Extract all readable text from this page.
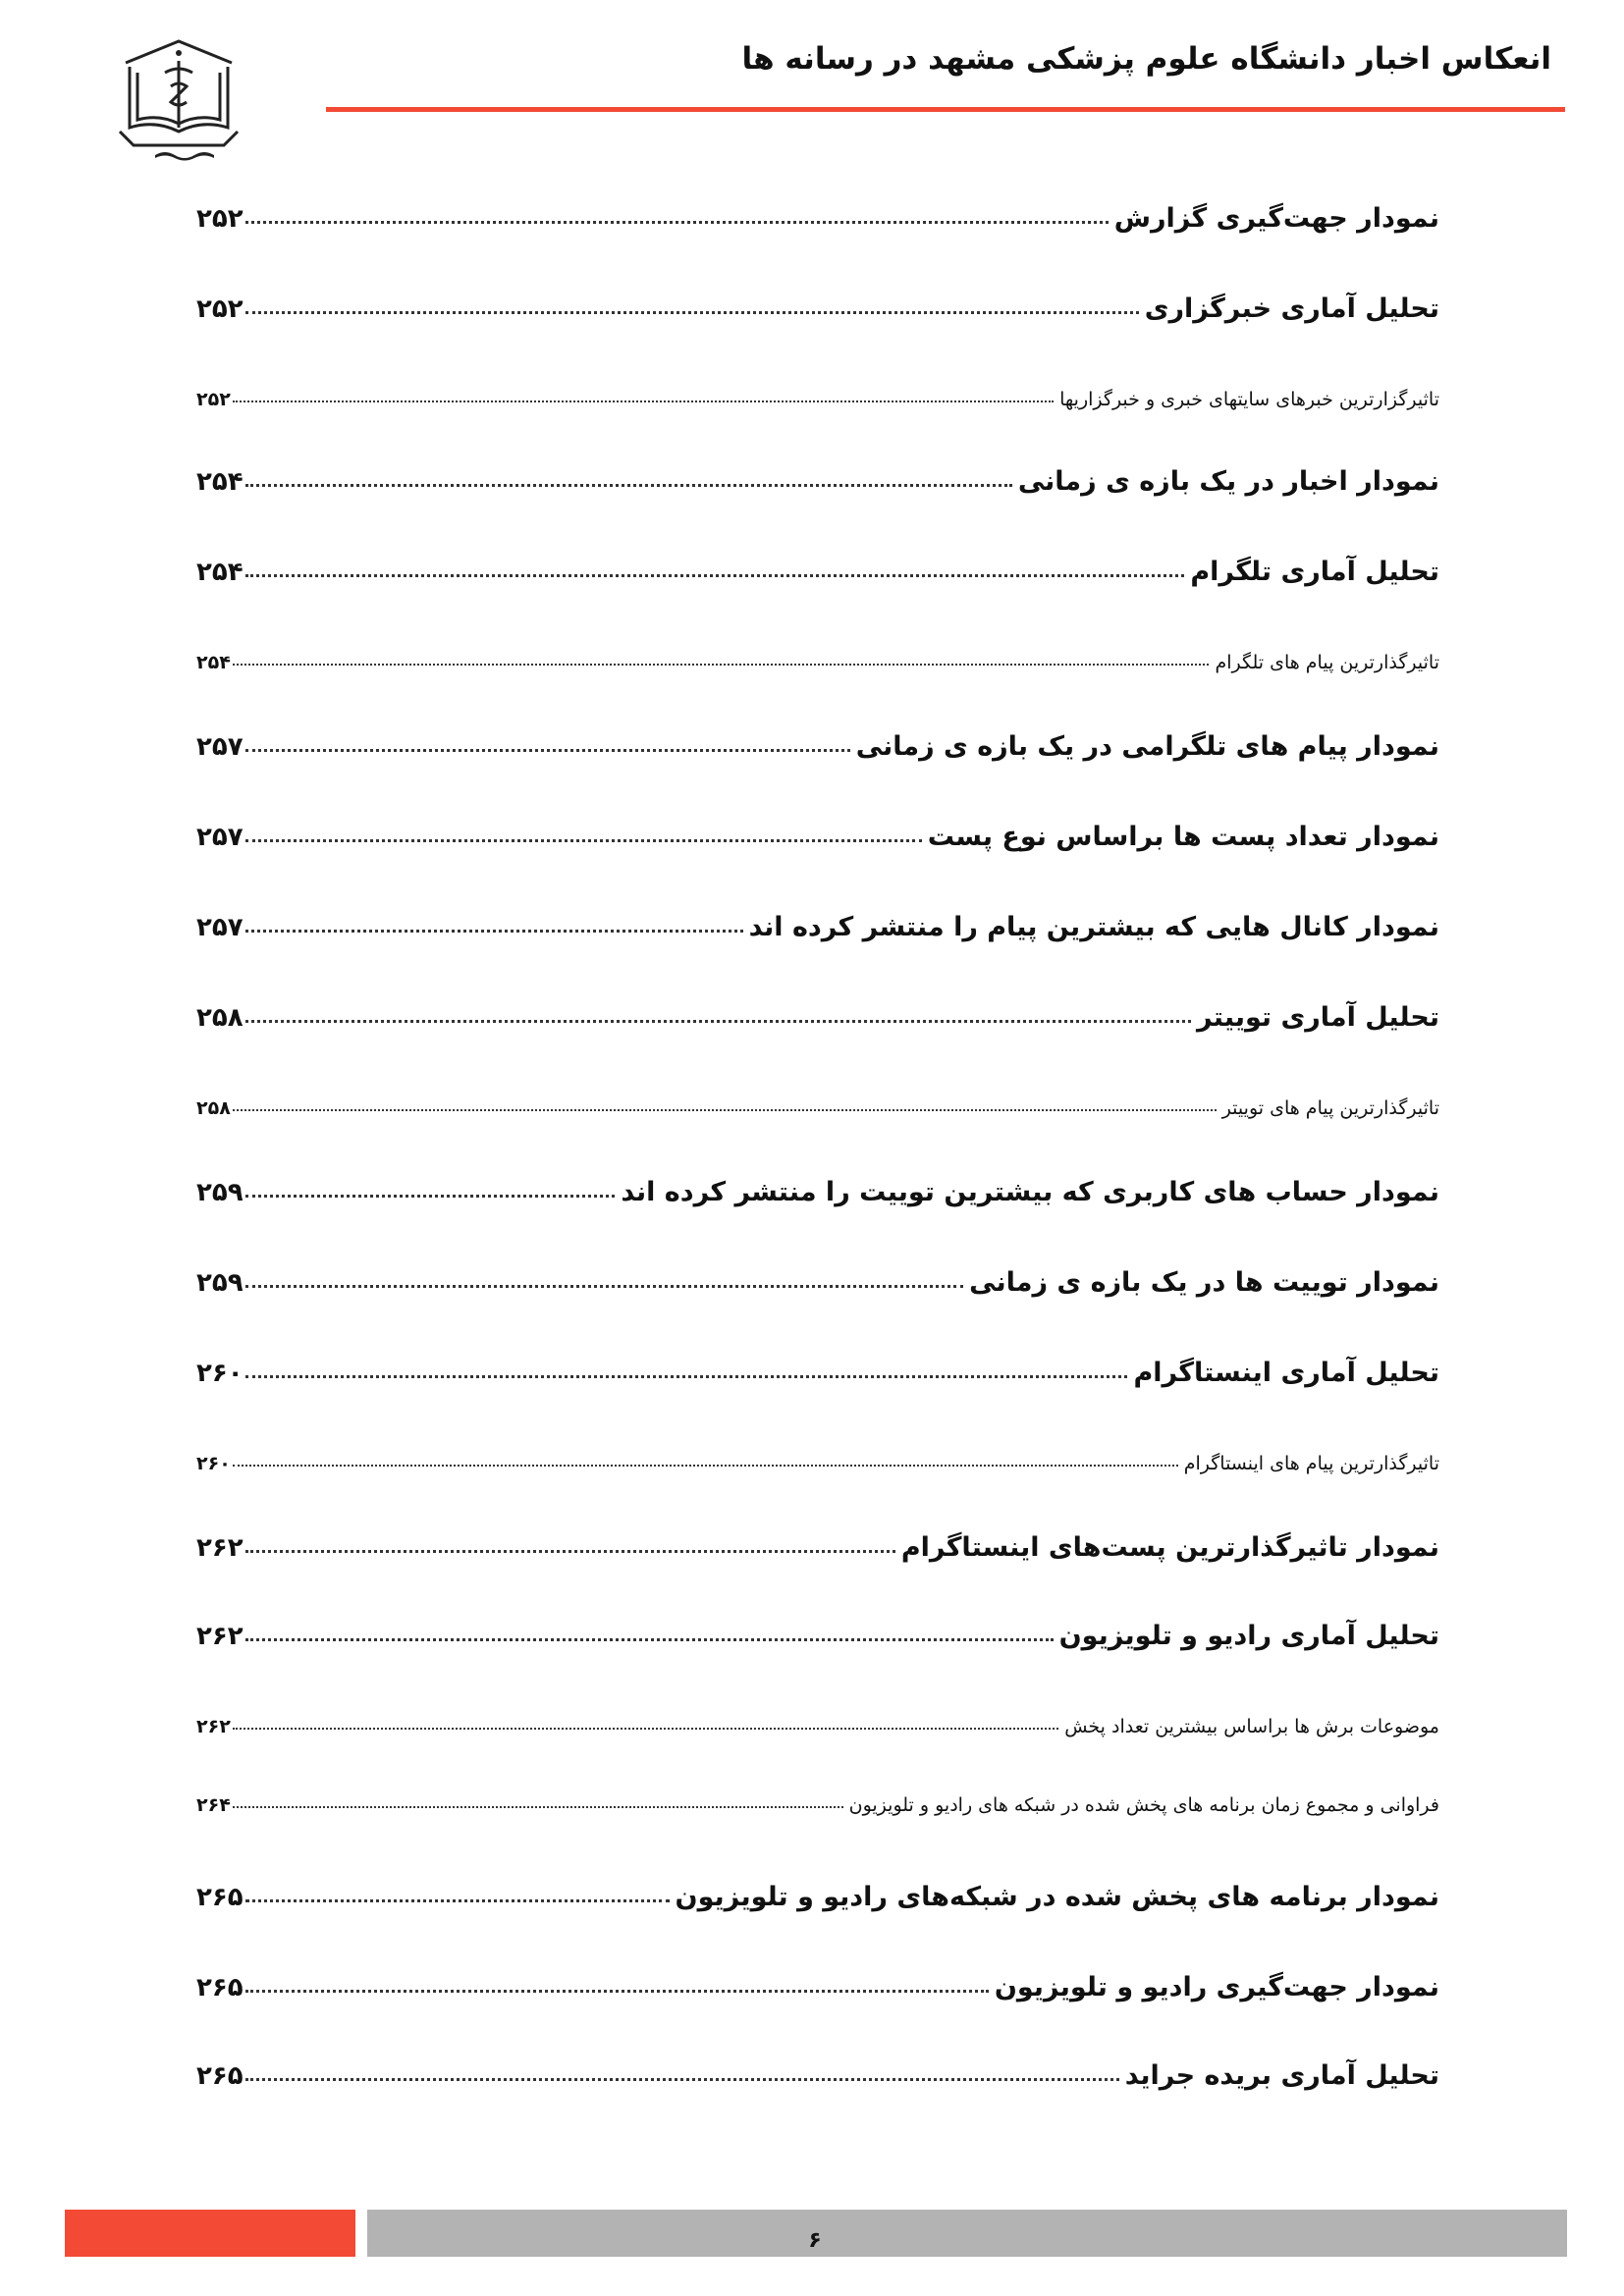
انعکاس اخبار دانشگاه علوم پزشکی مشهد در رسانه ها
نمودار جهت‌گیری گزارش
۲۵۲
تحلیل آماری خبرگزاری
۲۵۲
تاثیرگزارترین خبرهای سایتهای خبری و خبرگزاریها
۲۵۲
نمودار اخبار در یک بازه ی زمانی
۲۵۴
تحلیل آماری تلگرام
۲۵۴
تاثیرگذارترین پیام های تلگرام
۲۵۴
نمودار پیام های تلگرامی در یک بازه ی زمانی
۲۵۷
نمودار تعداد پست ها براساس نوع پست
۲۵۷
نمودار کانال هایی که بیشترین پیام را منتشر کرده اند
۲۵۷
تحلیل آماری توییتر
۲۵۸
تاثیرگذارترین پیام های توییتر
۲۵۸
نمودار حساب های کاربری که بیشترین توییت را منتشر کرده اند
۲۵۹
نمودار توییت ها در یک بازه ی زمانی
۲۵۹
تحلیل آماری اینستاگرام
۲۶۰
تاثیرگذارترین پیام های اینستاگرام
۲۶۰
نمودار تاثیرگذارترین پست‌های اینستاگرام
۲۶۲
تحلیل آماری رادیو و تلویزیون
۲۶۲
موضوعات برش ها براساس بیشترین تعداد پخش
۲۶۲
فراوانی و مجموع زمان برنامه های پخش شده در شبکه های رادیو و تلویزیون
۲۶۴
نمودار برنامه های پخش شده در شبکه‌های رادیو و تلویزیون
۲۶۵
نمودار جهت‌گیری رادیو و تلویزیون
۲۶۵
تحلیل آماری بریده جراید
۲۶۵
۶
